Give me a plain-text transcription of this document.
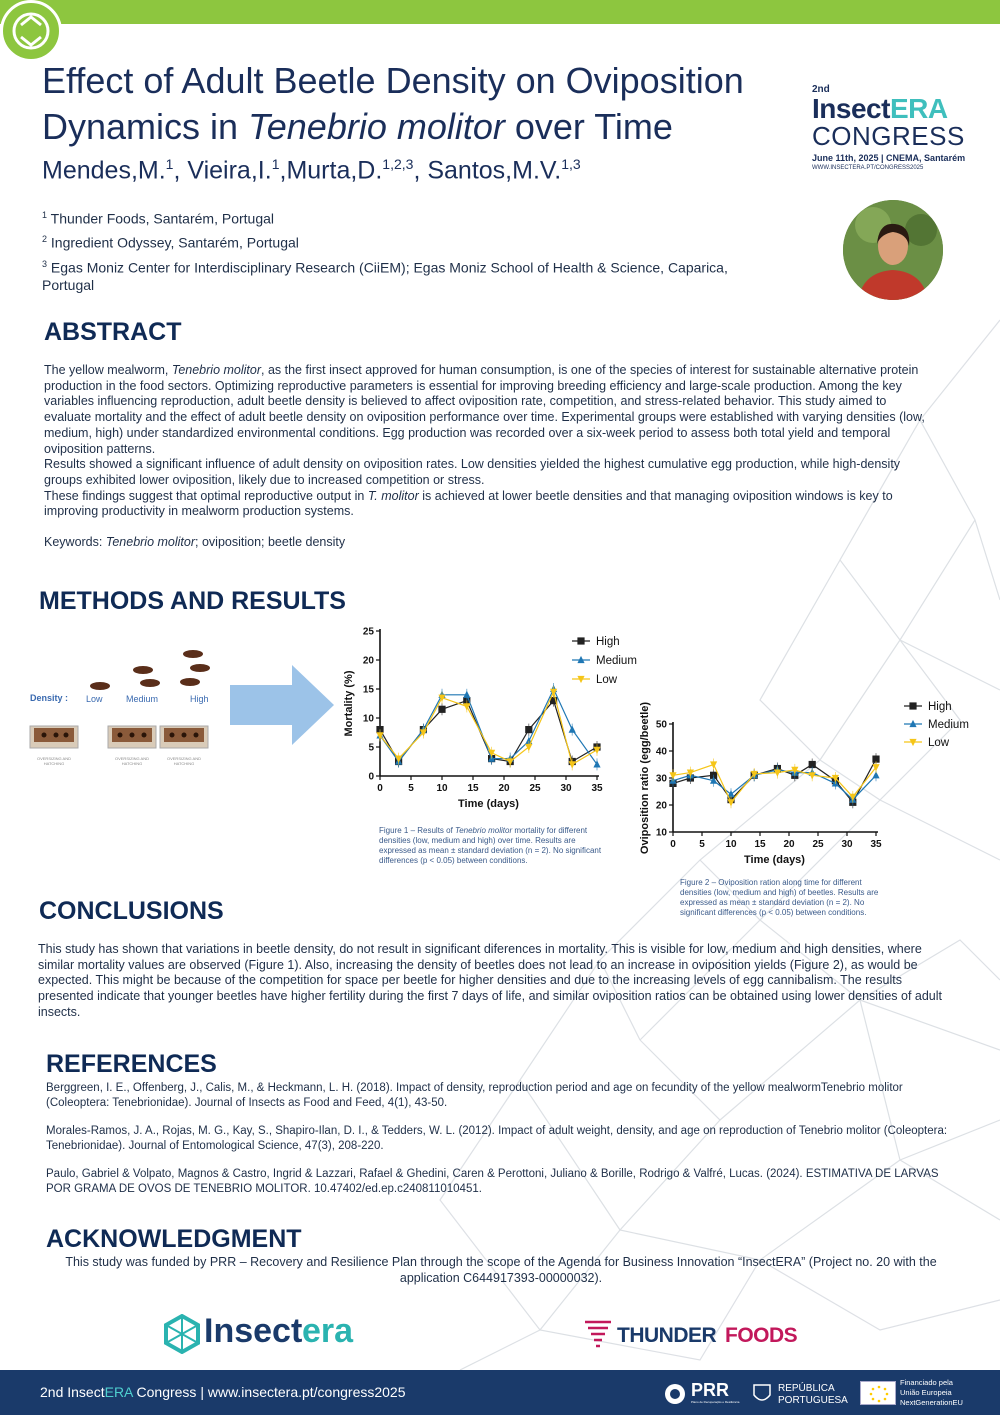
Effect of Adult Beetle Density on Oviposition
Dynamics in Tenebrio molitor over Time
Mendes,M.$^1$, Vieira,I.$^1$,Murta,D.$^{1,2,3}$, Santos,M.V.$^{1,3}$
$^1$ Thunder Foods, Santarém, Portugal
$^2$ Ingredient Odyssey, Santarém, Portugal
$^3$ Egas Moniz Center for Interdisciplinary Research (CiiEM); Egas Moniz School of Health & Science, Caparica, Portugal
2nd
InsectERA
CONGRESS
June 11th, 2025 | CNEMA, Santarém
WWW.INSECTERA.PT/CONGRESS2025
ABSTRACT

The yellow mealworm, Tenebrio molitor, as the first insect approved for human consumption, is one of the species of interest for sustainable alternative protein production in the food sectors. Optimizing reproductive parameters is essential for improving breeding efficiency and large-scale production. Among the key variables influencing reproduction, adult beetle density is believed to affect oviposition rate, competition, and stress-related behavior. This study aimed to evaluate mortality and the effect of adult beetle density on oviposition performance over time. Experimental groups were established with varying densities (low, medium, high) under standardized environmental conditions. Egg production was recorded over a six-week period to assess both total yield and temporal oviposition patterns.

Results showed a significant influence of adult density on oviposition rates. Low densities yielded the highest cumulative egg production, while high-density groups exhibited lower oviposition, likely due to increased competition or stress.

These findings suggest that optimal reproductive output in T. molitor is achieved at lower beetle densities and that managing oviposition windows is key to improving productivity in mealworm production systems.

Keywords: Tenebrio molitor; oviposition; beetle density

METHODS AND RESULTS
Density : Low	Medium	High
OVERSIZING AND HATCHING
OVERSIZING AND HATCHING
OVERSIZING AND HATCHING
0
5
10
15
20
25
0	5 10 15 20 25 30 35
Time (days)
Mortality (%)
High
Medium
Low
Figure 1 – Results of Tenebrio molitor mortality for different densities (low, medium and high) over time. Results are expressed as mean ± standard deviation (n = 2). No significant differences (p < 0.05) between conditions.
10
20
30
40
50
0 5 10 15 20 25 30 35
Time (days)
Oviposition ratio (egg/beetle)	High
Medium
Low
Figure 2 – Oviposition ration along time for different densities (low, medium and high) of beetles. Results are expressed as mean ± standard deviation (n = 2). No significant differences (p < 0.05) between conditions.
CONCLUSIONS
This study has shown that variations in beetle density, do not result in significant diferences in mortality. This is visible for low, medium and high densities, where similar mortality values are observed (Figure 1). Also, increasing the density of beetles does not lead to an increase in oviposition yields (Figure 2), as would be expected. This might be because of the competition for space per beetle for higher densities and due to the increasing levels of egg cannibalism. The results presented indicate that younger beetles have higher fertility during the first 7 days of life, and similar oviposition ratios can be obtained using lower densities of adult insects.
REFERENCES

Berggreen, I. E., Offenberg, J., Calis, M., & Heckmann, L. H. (2018). Impact of density, reproduction period and age on fecundity of the yellow mealwormTenebrio molitor (Coleoptera: Tenebrionidae). Journal of Insects as Food and Feed, 4(1), 43-50.

Morales-Ramos, J. A., Rojas, M. G., Kay, S., Shapiro-Ilan, D. I., & Tedders, W. L. (2012). Impact of adult weight, density, and age on reproduction of Tenebrio molitor (Coleoptera: Tenebrionidae). Journal of Entomological Science, 47(3), 208-220.

Paulo, Gabriel & Volpato, Magnos & Castro, Ingrid & Lazzari, Rafael & Ghedini, Caren & Perottoni, Juliano & Borille, Rodrigo & Valfré, Lucas. (2024). ESTIMATIVA DE LARVAS POR GRAMA DE OVOS DE TENEBRIO MOLITOR. 10.47402/ed.ep.c240811010451.

ACKNOWLEDGMENT
This study was funded by PRR – Recovery and Resilience Plan through the scope of the Agenda for Business Innovation “InsectERA” (Project no. 20 with the application C644917393-00000032).
Insect era	THUNDER FOODS
2nd InsectERA Congress | www.insectera.pt/congress2025	PRR
Plano de Recuperação e Resiliência
REPÚBLICA
PORTUGUESA
Financiado pela
União Europeia
NextGenerationEU
